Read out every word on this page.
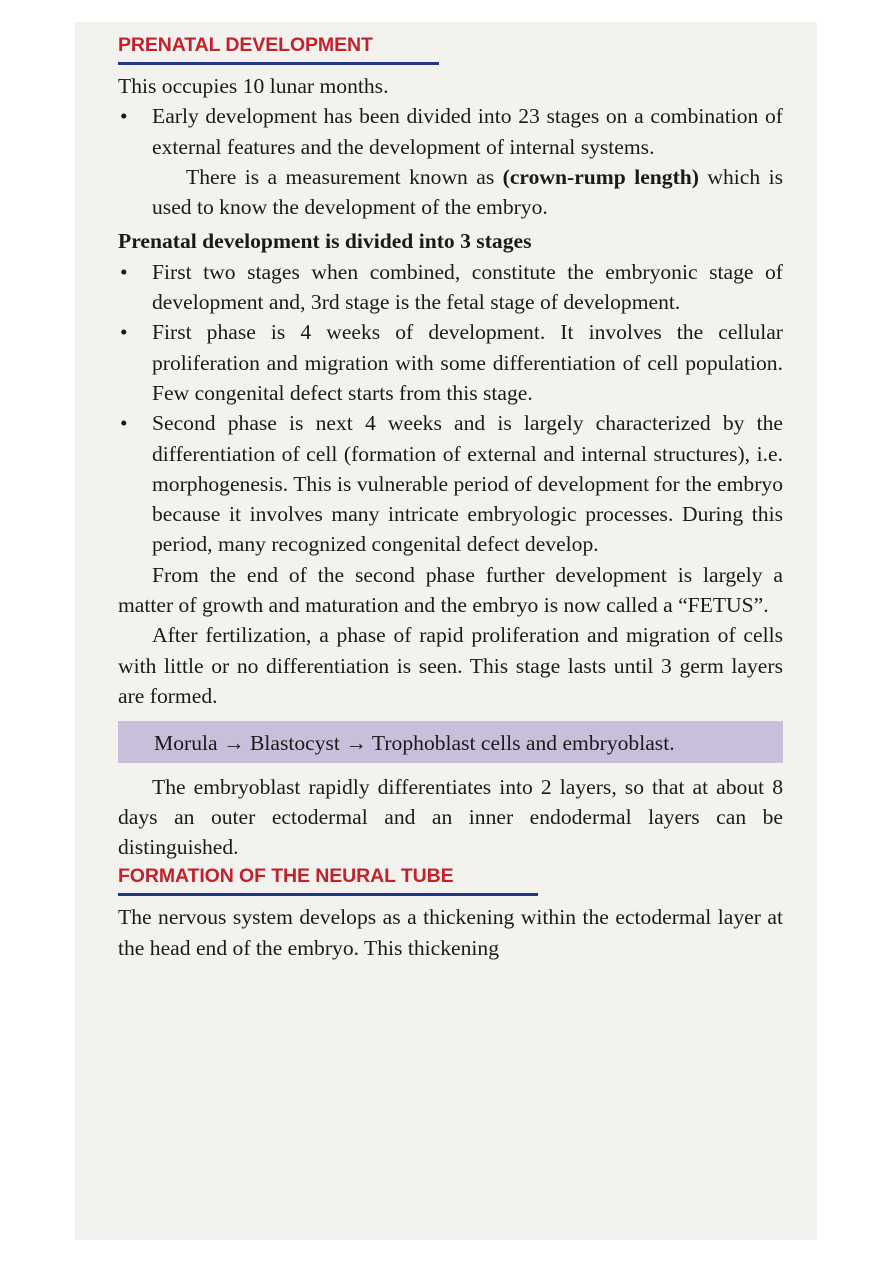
PRENATAL DEVELOPMENT

This occupies 10 lunar months.

• Early development has been divided into 23 stages on a combination of external features and the development of internal systems.

There is a measurement known as (crown-rump length) which is used to know the development of the embryo.

Prenatal development is divided into 3 stages

• First two stages when combined, constitute the embryonic stage of development and, 3rd stage is the fetal stage of development.
• First phase is 4 weeks of development. It involves the cellular proliferation and migration with some differentiation of cell population. Few congenital defect starts from this stage.
• Second phase is next 4 weeks and is largely characterized by the differentiation of cell (formation of external and internal structures), i.e. morphogenesis. This is vulnerable period of development for the embryo because it involves many intricate embryologic processes. During this period, many recognized congenital defect develop.

From the end of the second phase further development is largely a matter of growth and maturation and the embryo is now called a “FETUS”.

After fertilization, a phase of rapid proliferation and migration of cells with little or no differentiation is seen. This stage lasts until 3 germ layers are formed.

Morula → Blastocyst → Trophoblast cells and embryoblast.

The embryoblast rapidly differentiates into 2 layers, so that at about 8 days an outer ectodermal and an inner endodermal layers can be distinguished.

FORMATION OF THE NEURAL TUBE

The nervous system develops as a thickening within the ectodermal layer at the head end of the embryo. This thickening
